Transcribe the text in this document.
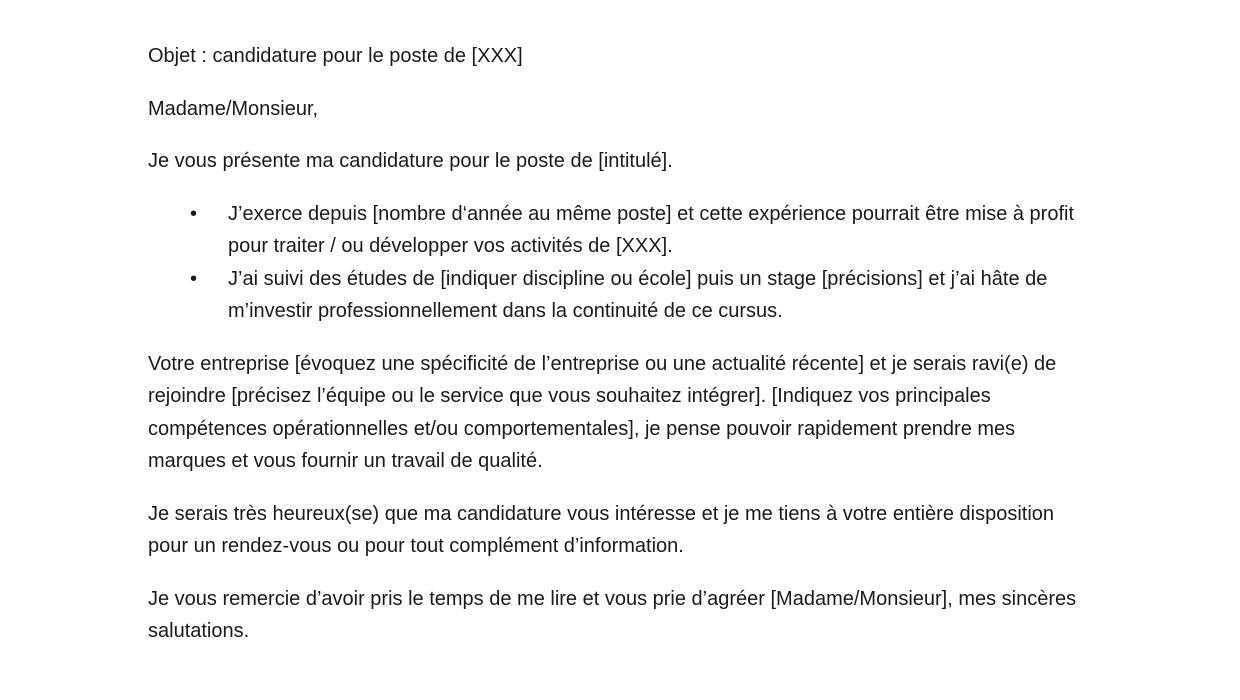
Objet : candidature pour le poste de [XXX]

Madame/Monsieur,

Je vous présente ma candidature pour le poste de [intitulé].

• J’exerce depuis [nombre d‘année au même poste] et cette expérience pourrait être mise à profit pour traiter / ou développer vos activités de [XXX].
• J’ai suivi des études de [indiquer discipline ou école] puis un stage [précisions] et j’ai hâte de m’investir professionnellement dans la continuité de ce cursus.

Votre entreprise [évoquez une spécificité de l’entreprise ou une actualité récente] et je serais ravi(e) de rejoindre [précisez l’équipe ou le service que vous souhaitez intégrer]. [Indiquez vos principales compétences opérationnelles et/ou comportementales], je pense pouvoir rapidement prendre mes marques et vous fournir un travail de qualité.

Je serais très heureux(se) que ma candidature vous intéresse et je me tiens à votre entière disposition pour un rendez-vous ou pour tout complément d’information.

Je vous remercie d’avoir pris le temps de me lire et vous prie d’agréer [Madame/Monsieur], mes sincères salutations.
